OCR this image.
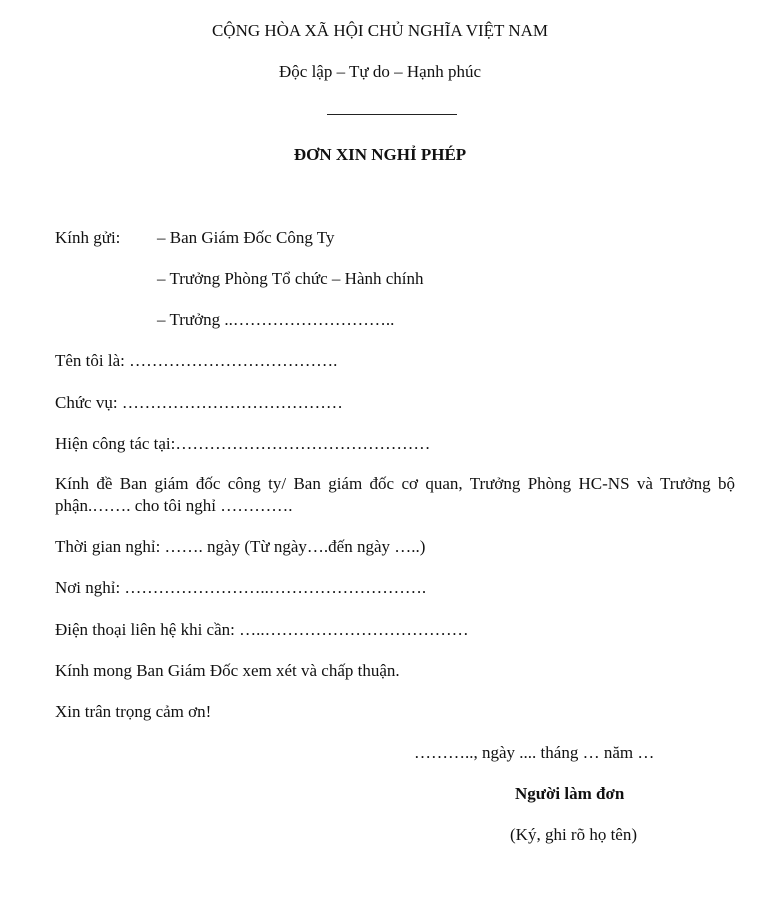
CỘNG HÒA XÃ HỘI CHỦ NGHĨA VIỆT NAM
Độc lập – Tự do – Hạnh phúc
ĐƠN XIN NGHỈ PHÉP
Kính gửi: – Ban Giám Đốc Công Ty
– Trưởng Phòng Tổ chức – Hành chính
– Trưởng ..………………………..
Tên tôi là: ……………………………….
Chức vụ: …………………………………
Hiện công tác tại:………………………………………
Kính đề Ban giám đốc công ty/ Ban giám đốc cơ quan, Trưởng Phòng HC-NS và Trưởng bộ phận.……. cho tôi nghỉ ………….
Thời gian nghỉ: ……. ngày (Từ ngày….đến ngày …..)
Nơi nghỉ: ……………………..……………………….
Điện thoại liên hệ khi cần: …..………………………………
Kính mong Ban Giám Đốc xem xét và chấp thuận.
Xin trân trọng cảm ơn!
……….., ngày .... tháng … năm …
Người làm đơn
(Ký, ghi rõ họ tên)
